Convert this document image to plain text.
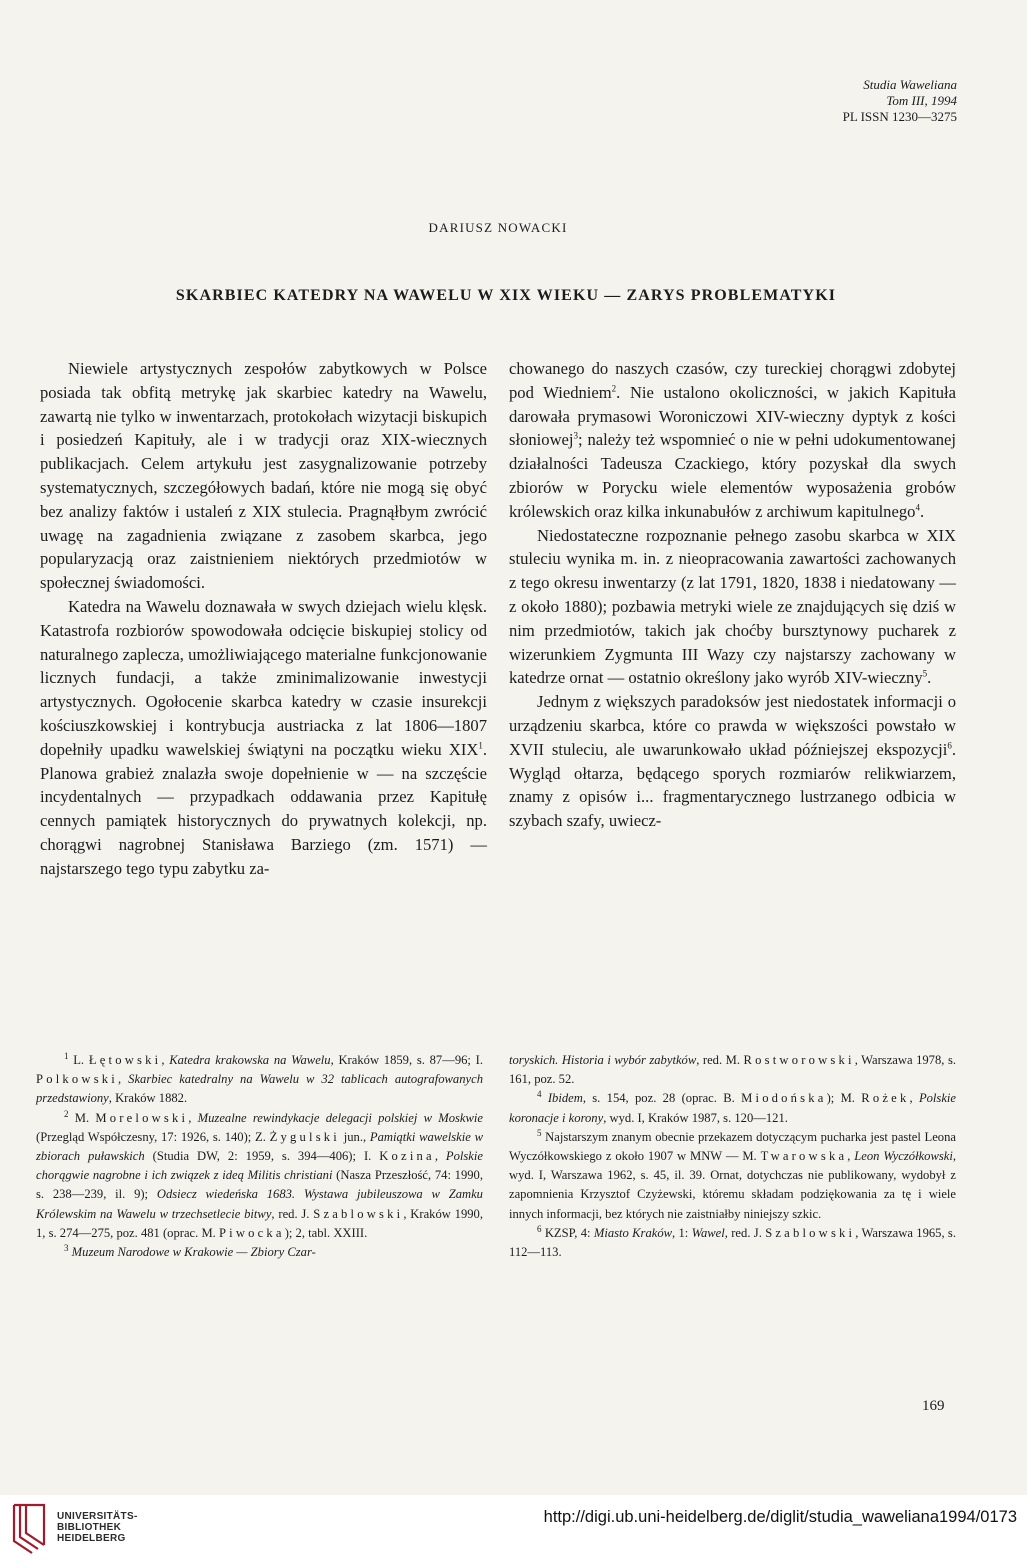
Studia Waweliana
Tom III, 1994
PL ISSN 1230—3275
DARIUSZ NOWACKI
SKARBIEC KATEDRY NA WAWELU W XIX WIEKU — ZARYS PROBLEMATYKI

Niewiele artystycznych zespołów zabytkowych w Polsce posiada tak obfitą metrykę jak skarbiec katedry na Wawelu, zawartą nie tylko w inwentarzach, protokołach wizytacji biskupich i posiedzeń Kapituły, ale i w tradycji oraz XIX-wiecznych publikacjach. Celem artykułu jest zasygnalizowanie potrzeby systematycznych, szczegółowych badań, które nie mogą się obyć bez analizy faktów i ustaleń z XIX stulecia. Pragnąłbym zwrócić uwagę na zagadnienia związane z zasobem skarbca, jego popularyzacją oraz zaistnieniem niektórych przedmiotów w społecznej świadomości.

Katedra na Wawelu doznawała w swych dziejach wielu klęsk. Katastrofa rozbiorów spowodowała odcięcie biskupiej stolicy od naturalnego zaplecza, umożliwiającego materialne funkcjonowanie licznych fundacji, a także zminimalizowanie inwestycji artystycznych. Ogołocenie skarbca katedry w czasie insurekcji kościuszkowskiej i kontrybucja austriacka z lat 1806—1807 dopełniły upadku wawelskiej świątyni na początku wieku XIX$^1$. Planowa grabież znalazła swoje dopełnienie w — na szczęście incydentalnych — przypadkach oddawania przez Kapitułę cennych pamiątek historycznych do prywatnych kolekcji, np. chorągwi nagrobnej Stanisława Barziego (zm. 1571) — najstarszego tego typu zabytku za-

chowanego do naszych czasów, czy tureckiej chorągwi zdobytej pod Wiedniem$^2$. Nie ustalono okoliczności, w jakich Kapituła darowała prymasowi Woroniczowi XIV-wieczny dyptyk z kości słoniowej$^3$; należy też wspomnieć o nie w pełni udokumentowanej działalności Tadeusza Czackiego, który pozyskał dla swych zbiorów w Porycku wiele elementów wyposażenia grobów królewskich oraz kilka inkunabułów z archiwum kapitulnego$^4$.

Niedostateczne rozpoznanie pełnego zasobu skarbca w XIX stuleciu wynika m. in. z nieopracowania zawartości zachowanych z tego okresu inwentarzy (z lat 1791, 1820, 1838 i niedatowany — z około 1880); pozbawia metryki wiele ze znajdujących się dziś w nim przedmiotów, takich jak choćby bursztynowy pucharek z wizerunkiem Zygmunta III Wazy czy najstarszy zachowany w katedrze ornat — ostatnio określony jako wyrób XIV-wieczny$^5$.

Jednym z większych paradoksów jest niedostatek informacji o urządzeniu skarbca, które co prawda w większości powstało w XVII stuleciu, ale uwarunkowało układ późniejszej ekspozycji$^6$. Wygląd ołtarza, będącego sporych rozmiarów relikwiarzem, znamy z opisów i... fragmentarycznego lustrzanego odbicia w szybach szafy, uwiecz-

$^1$ L. Łętowski, Katedra krakowska na Wawelu, Kraków 1859, s. 87—96; I. Polkowski, Skarbiec katedralny na Wawelu w 32 tablicach autografowanych przedstawiony, Kraków 1882.

$^2$ M. Morelowski, Muzealne rewindykacje delegacji polskiej w Moskwie (Przegląd Współczesny, 17: 1926, s. 140); Z. Żygulski jun., Pamiątki wawelskie w zbiorach puławskich (Studia DW, 2: 1959, s. 394—406); I. Kozina, Polskie chorągwie nagrobne i ich związek z ideą Militis christiani (Nasza Przeszłość, 74: 1990, s. 238—239, il. 9); Odsiecz wiedeńska 1683. Wystawa jubileuszowa w Zamku Królewskim na Wawelu w trzechsetlecie bitwy, red. J. Szablowski, Kraków 1990, 1, s. 274—275, poz. 481 (oprac. M. Piwocka); 2, tabl. XXIII.

$^3$ Muzeum Narodowe w Krakowie — Zbiory Czar-

toryskich. Historia i wybór zabytków, red. M. Rostworowski, Warszawa 1978, s. 161, poz. 52.

$^4$ Ibidem, s. 154, poz. 28 (oprac. B. Miodońska); M. Rożek, Polskie koronacje i korony, wyd. I, Kraków 1987, s. 120—121.

$^5$ Najstarszym znanym obecnie przekazem dotyczącym pucharka jest pastel Leona Wyczółkowskiego z około 1907 w MNW — M. Twarowska, Leon Wyczółkowski, wyd. I, Warszawa 1962, s. 45, il. 39. Ornat, dotychczas nie publikowany, wydobył z zapomnienia Krzysztof Czyżewski, któremu składam podziękowania za tę i wiele innych informacji, bez których nie zaistniałby niniejszy szkic.

$^6$ KZSP, 4: Miasto Kraków, 1: Wawel, red. J. Szablowski, Warszawa 1965, s. 112—113.

169
UNIVERSITÄTS-
BIBLIOTHEK
HEIDELBERG
http://digi.ub.uni-heidelberg.de/diglit/studia_waweliana1994/0173
